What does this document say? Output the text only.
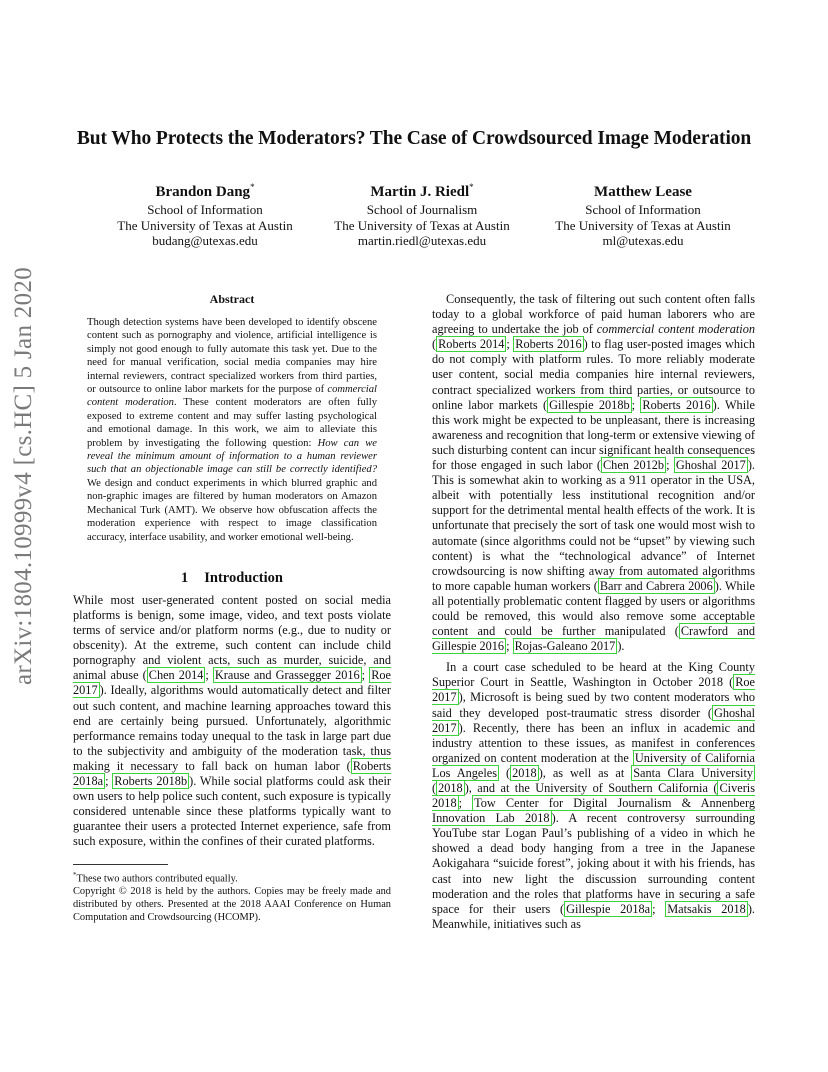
arXiv:1804.10999v4 [cs.HC] 5 Jan 2020
But Who Protects the Moderators? The Case of Crowdsourced Image Moderation
Brandon Dang*
School of Information
The University of Texas at Austin
budang@utexas.edu
Martin J. Riedl*
School of Journalism
The University of Texas at Austin
martin.riedl@utexas.edu
Matthew Lease
School of Information
The University of Texas at Austin
ml@utexas.edu
Abstract
Though detection systems have been developed to identify obscene content such as pornography and violence, artificial intelligence is simply not good enough to fully automate this task yet. Due to the need for manual verification, social media companies may hire internal reviewers, contract specialized workers from third parties, or outsource to online labor markets for the purpose of commercial content moderation. These content moderators are often fully exposed to extreme content and may suffer lasting psychological and emotional damage. In this work, we aim to alleviate this problem by investigating the following question: How can we reveal the minimum amount of information to a human reviewer such that an objectionable image can still be correctly identified? We design and conduct experiments in which blurred graphic and non-graphic images are filtered by human moderators on Amazon Mechanical Turk (AMT). We observe how obfuscation affects the moderation experience with respect to image classification accuracy, interface usability, and worker emotional well-being.
1 Introduction

While most user-generated content posted on social media platforms is benign, some image, video, and text posts violate terms of service and/or platform norms (e.g., due to nudity or obscenity). At the extreme, such content can include child pornography and violent acts, such as murder, suicide, and animal abuse ( Chen 2014 ; Krause and Grassegger 2016 ; Roe 2017 ). Ideally, algorithms would automatically detect and filter out such content, and machine learning approaches toward this end are certainly being pursued. Unfortunately, algorithmic performance remains today unequal to the task in large part due to the subjectivity and ambiguity of the moderation task, thus making it necessary to fall back on human labor ( Roberts 2018a ; Roberts 2018b ). While social platforms could ask their own users to help police such content, such exposure is typically considered untenable since these platforms typically want to guarantee their users a protected Internet experience, safe from such exposure, within the confines of their curated platforms.

*These two authors contributed equally.

Copyright © 2018 is held by the authors. Copies may be freely made and distributed by others. Presented at the 2018 AAAI Conference on Human Computation and Crowdsourcing (HCOMP).

Consequently, the task of filtering out such content often falls today to a global workforce of paid human laborers who are agreeing to undertake the job of commercial content moderation ( Roberts 2014 ; Roberts 2016 ) to flag user-posted images which do not comply with platform rules. To more reliably moderate user content, social media companies hire internal reviewers, contract specialized workers from third parties, or outsource to online labor markets ( Gillespie 2018b ; Roberts 2016 ). While this work might be expected to be unpleasant, there is increasing awareness and recognition that long-term or extensive viewing of such disturbing content can incur significant health consequences for those engaged in such labor ( Chen 2012b ; Ghoshal 2017 ). This is somewhat akin to working as a 911 operator in the USA, albeit with potentially less institutional recognition and/or support for the detrimental mental health effects of the work. It is unfortunate that precisely the sort of task one would most wish to automate (since algorithms could not be “upset” by viewing such content) is what the “technological advance” of Internet crowdsourcing is now shifting away from automated algorithms to more capable human workers ( Barr and Cabrera 2006 ). While all potentially problematic content flagged by users or algorithms could be removed, this would also remove some acceptable content and could be further manipulated ( Crawford and Gillespie 2016 ; Rojas-Galeano 2017 ).

In a court case scheduled to be heard at the King County Superior Court in Seattle, Washington in October 2018 ( Roe 2017 ), Microsoft is being sued by two content moderators who said they developed post-traumatic stress disorder ( Ghoshal 2017 ). Recently, there has been an influx in academic and industry attention to these issues, as manifest in conferences organized on content moderation at the University of California Los Angeles ( 2018 ), as well as at Santa Clara University ( 2018 ), and at the University of Southern California ( Civeris 2018 ; Tow Center for Digital Journalism & Annenberg Innovation Lab 2018 ). A recent controversy surrounding YouTube star Logan Paul’s publishing of a video in which he showed a dead body hanging from a tree in the Japanese Aokigahara “suicide forest”, joking about it with his friends, has cast into new light the discussion surrounding content moderation and the roles that platforms have in securing a safe space for their users ( Gillespie 2018a ; Matsakis 2018 ). Meanwhile, initiatives such as
